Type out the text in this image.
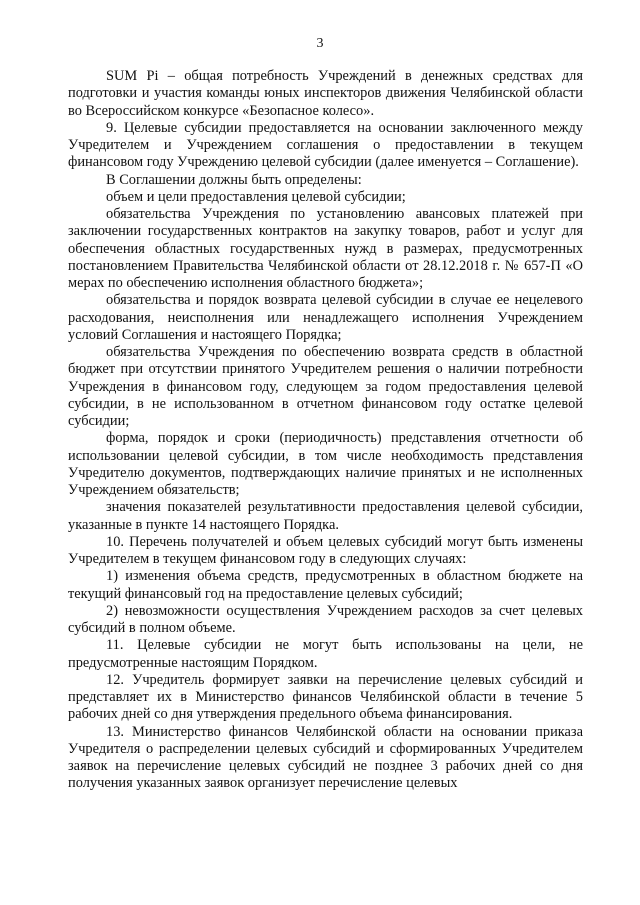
3

SUM Pi – общая потребность Учреждений в денежных средствах для подготовки и участия команды юных инспекторов движения Челябинской области во Всероссийском конкурсе «Безопасное колесо».

9. Целевые субсидии предоставляется на основании заключенного между Учредителем и Учреждением соглашения о предоставлении в текущем финансовом году Учреждению целевой субсидии (далее именуется – Соглашение).

В Соглашении должны быть определены:

объем и цели предоставления целевой субсидии;

обязательства Учреждения по установлению авансовых платежей при заключении государственных контрактов на закупку товаров, работ и услуг для обеспечения областных государственных нужд в размерах, предусмотренных постановлением Правительства Челябинской области от 28.12.2018 г. № 657-П «О мерах по обеспечению исполнения областного бюджета»;

обязательства и порядок возврата целевой субсидии в случае ее нецелевого расходования, неисполнения или ненадлежащего исполнения Учреждением условий Соглашения и настоящего Порядка;

обязательства Учреждения по обеспечению возврата средств в областной бюджет при отсутствии принятого Учредителем решения о наличии потребности Учреждения в финансовом году, следующем за годом предоставления целевой субсидии, в не использованном в отчетном финансовом году остатке целевой субсидии;

форма, порядок и сроки (периодичность) представления отчетности об использовании целевой субсидии, в том числе необходимость представления Учредителю документов, подтверждающих наличие принятых и не исполненных Учреждением обязательств;

значения показателей результативности предоставления целевой субсидии, указанные в пункте 14 настоящего Порядка.

10. Перечень получателей и объем целевых субсидий могут быть изменены Учредителем в текущем финансовом году в следующих случаях:

1) изменения объема средств, предусмотренных в областном бюджете на текущий финансовый год на предоставление целевых субсидий;

2) невозможности осуществления Учреждением расходов за счет целевых субсидий в полном объеме.

11. Целевые субсидии не могут быть использованы на цели, не предусмотренные настоящим Порядком.

12. Учредитель формирует заявки на перечисление целевых субсидий и представляет их в Министерство финансов Челябинской области в течение 5 рабочих дней со дня утверждения предельного объема финансирования.

13. Министерство финансов Челябинской области на основании приказа Учредителя о распределении целевых субсидий и сформированных Учредителем заявок на перечисление целевых субсидий не позднее 3 рабочих дней со дня получения указанных заявок организует перечисление целевых
